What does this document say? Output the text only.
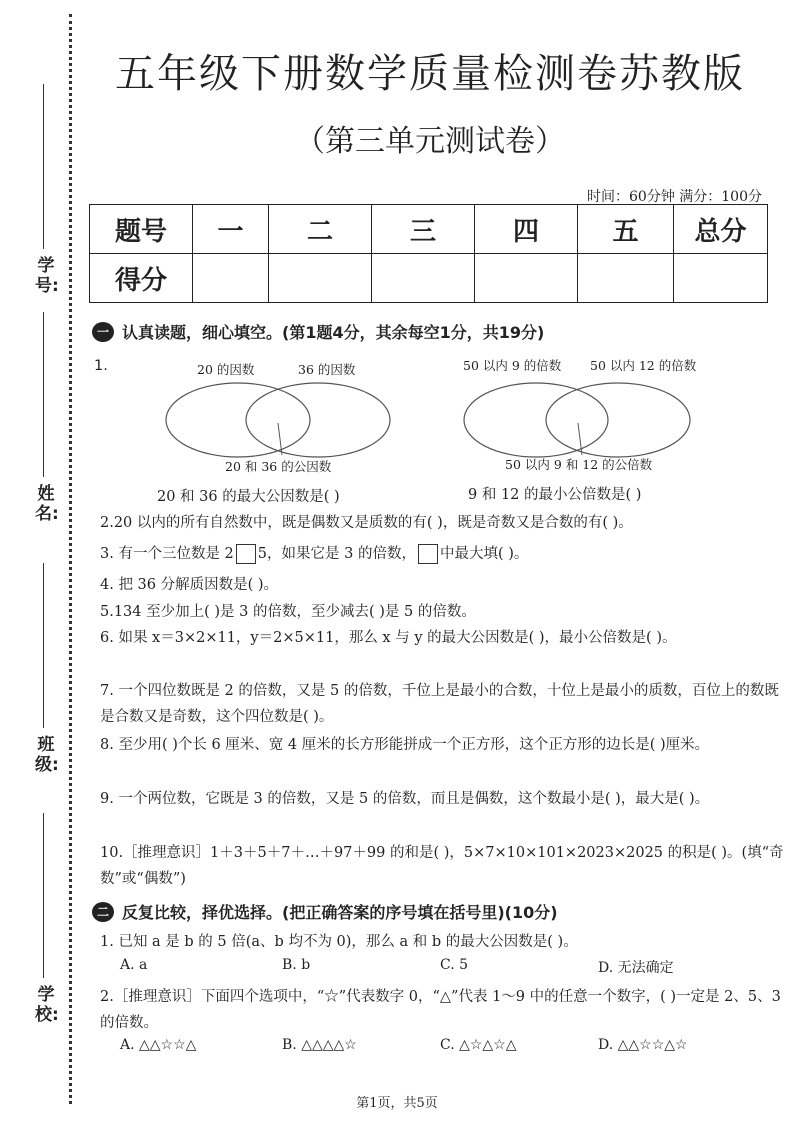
学号:
姓名:
班级:
学校:
五年级下册数学质量检测卷苏教版
（第三单元测试卷）
时间：60分钟 满分：100分
题号	一	二	三	四	五	总分
得分						
一 认真读题，细心填空。(第1题4分，其余每空1分，共19分)
1.	20 的因数	36 的因数
20 和 36 的公因数
20 和 36 的最大公因数是( )
50 以内 9 的倍数 50 以内 12 的倍数
50 以内 9 和 12 的公倍数
9 和 12 的最小公倍数是( )
2.20 以内的所有自然数中，既是偶数又是质数的有( )，既是奇数又是合数的有( )。
3. 有一个三位数是 2 5，如果它是 3 的倍数， 中最大填( )。
4. 把 36 分解质因数是( )。
5.134 至少加上( )是 3 的倍数，至少减去( )是 5 的倍数。
6. 如果 x＝3×2×11，y＝2×5×11，那么 x 与 y 的最大公因数是( )，最小公倍数是( )。
7. 一个四位数既是 2 的倍数，又是 5 的倍数，千位上是最小的合数，十位上是最小的质数，百位上的数既是合数又是奇数，这个四位数是( )。
8. 至少用( )个长 6 厘米、宽 4 厘米的长方形能拼成一个正方形，这个正方形的边长是( )厘米。
9. 一个两位数，它既是 3 的倍数，又是 5 的倍数，而且是偶数，这个数最小是( )，最大是( )。
10.［推理意识］1＋3＋5＋7＋…＋97＋99 的和是( )，5×7×10×101×2023×2025 的积是( )。(填“奇数”或“偶数”)
二 反复比较，择优选择。(把正确答案的序号填在括号里)(10分)
1. 已知 a 是 b 的 5 倍(a、b 均不为 0)，那么 a 和 b 的最大公因数是( )。
A. a	B. b	C. 5	D. 无法确定
2.［推理意识］下面四个选项中，“☆”代表数字 0，“△”代表 1～9 中的任意一个数字，( )一定是 2、5、3 的倍数。
A. △△☆☆△	B. △△△△☆	C. △☆△☆△	D. △△☆☆△☆
第1页，共5页
